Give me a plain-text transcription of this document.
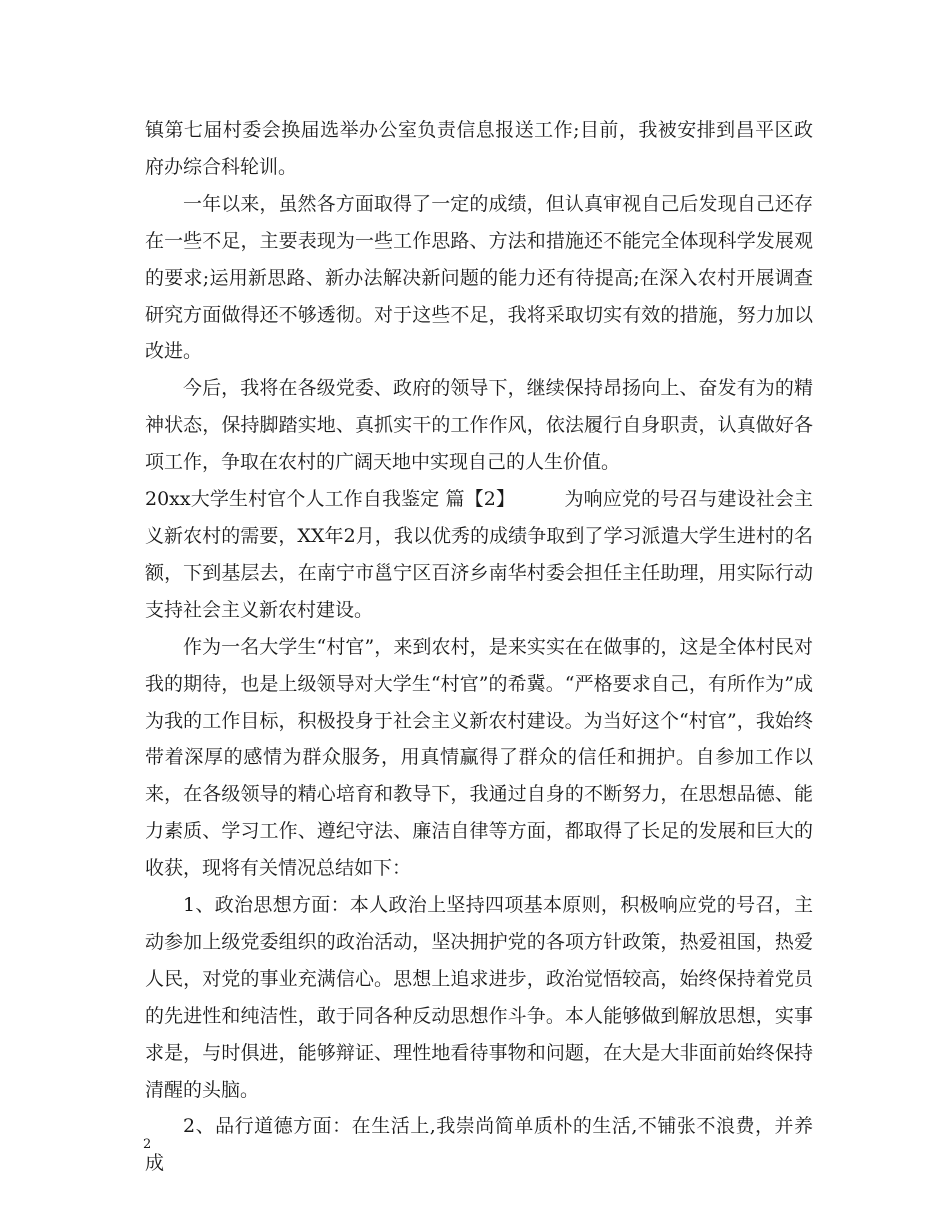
镇第七届村委会换届选举办公室负责信息报送工作;目前，我被安排到昌平区政府办综合科轮训。

一年以来，虽然各方面取得了一定的成绩，但认真审视自己后发现自己还存在一些不足，主要表现为一些工作思路、方法和措施还不能完全体现科学发展观的要求;运用新思路、新办法解决新问题的能力还有待提高;在深入农村开展调查研究方面做得还不够透彻。对于这些不足，我将采取切实有效的措施，努力加以改进。

今后，我将在各级党委、政府的领导下，继续保持昂扬向上、奋发有为的精神状态，保持脚踏实地、真抓实干的工作作风，依法履行自身职责，认真做好各项工作，争取在农村的广阔天地中实现自己的人生价值。

20xx大学生村官个人工作自我鉴定 篇【2】	为响应党的号召与建设社会主义新农村的需要，XX年2月，我以优秀的成绩争取到了学习派遣大学生进村的名额，下到基层去，在南宁市邕宁区百济乡南华村委会担任主任助理，用实际行动支持社会主义新农村建设。

作为一名大学生“村官”，来到农村，是来实实在在做事的，这是全体村民对我的期待，也是上级领导对大学生“村官”的希冀。“严格要求自己，有所作为”成为我的工作目标，积极投身于社会主义新农村建设。为当好这个“村官”，我始终带着深厚的感情为群众服务，用真情赢得了群众的信任和拥护。自参加工作以来，在各级领导的精心培育和教导下，我通过自身的不断努力，在思想品德、能力素质、学习工作、遵纪守法、廉洁自律等方面，都取得了长足的发展和巨大的收获，现将有关情况总结如下：

1、政治思想方面：本人政治上坚持四项基本原则，积极响应党的号召，主动参加上级党委组织的政治活动，坚决拥护党的各项方针政策，热爱祖国，热爱人民，对党的事业充满信心。思想上追求进步，政治觉悟较高，始终保持着党员的先进性和纯洁性，敢于同各种反动思想作斗争。本人能够做到解放思想，实事求是，与时俱进，能够辩证、理性地看待事物和问题，在大是大非面前始终保持清醒的头脑。

2、品行道德方面：在生活上,我崇尚简单质朴的生活,不铺张不浪费，并养成

2
